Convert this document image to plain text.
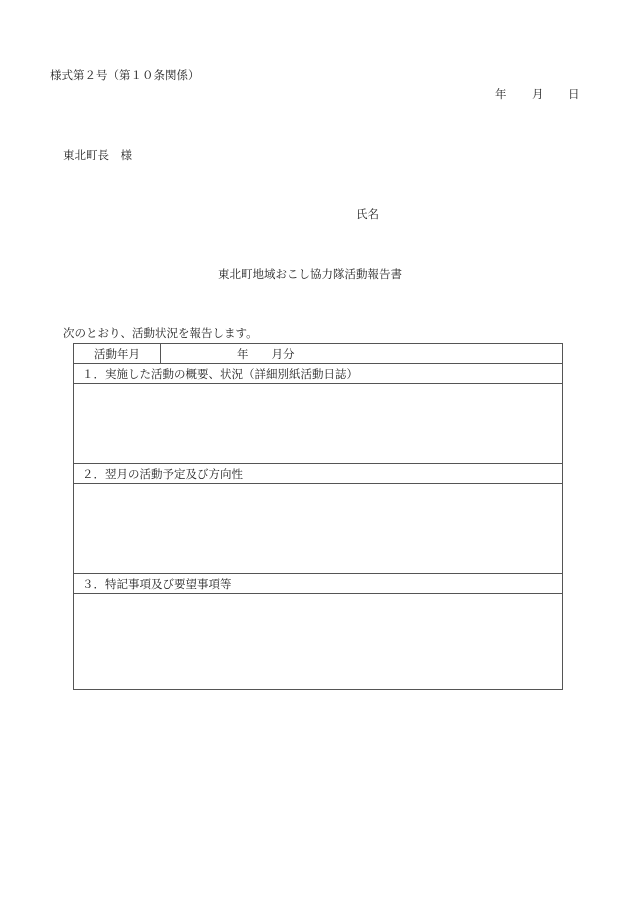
様式第２号（第１０条関係）
年 月 日
東北町長　様
氏名
東北町地域おこし協力隊活動報告書
次のとおり、活動状況を報告します。
活動年月	年　　月分
１．実施した活動の概要、状況（詳細別紙活動日誌）

２．翌月の活動予定及び方向性

３．特記事項及び要望事項等
